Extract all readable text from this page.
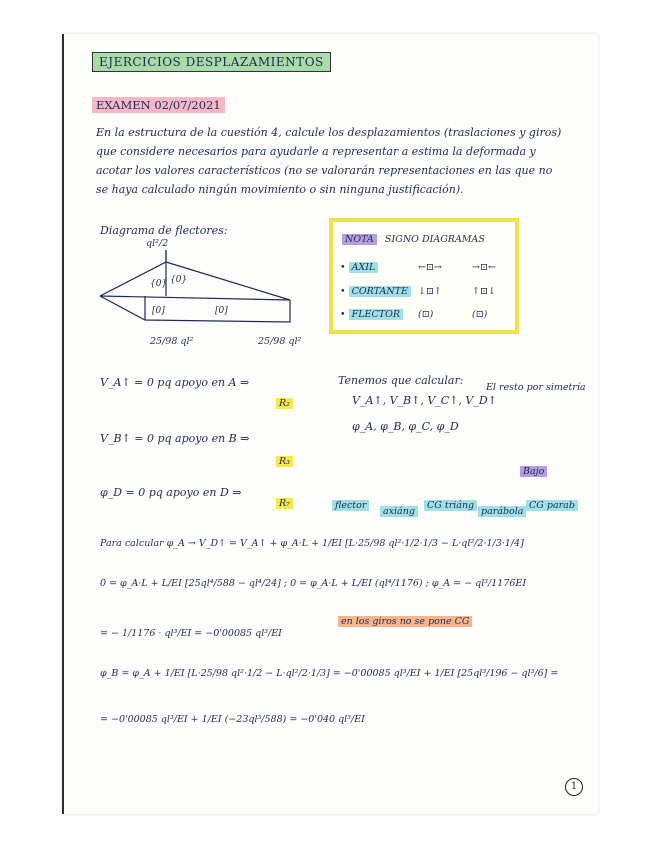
EJERCICIOS DESPLAZAMIENTOS
EXAMEN 02/07/2021
En la estructura de la cuestión 4, calcule los desplazamientos (traslaciones y giros)
que considere necesarios para ayudarle a representar a estima la deformada y
acotar los valores característicos (no se valorarán representaciones en las que no
se haya calculado ningún movimiento o sin ninguna justificación).
Diagrama de flectores:
ql²/2
25/98 ql²	25/98 ql²
{0} {0}
[0]	[0]
NOTA	SIGNO DIAGRAMAS
• AXIL	←⊡→	→⊡←
• CORTANTE	↓⊡↑	↑⊡↓
• FLECTOR	(⊡)	(⊡)
V_A↑ = 0 pq apoyo en A ⇒
R₂
V_B↑ = 0 pq apoyo en B ⇒
R₃
φ_D = 0 pq apoyo en D ⇒
R₇
Tenemos que calcular:
V_A↑, V_B↑, V_C↑, V_D↑
φ_A, φ_B, φ_C, φ_D
El resto por simetría
Bajo
flector
axiáng
CG triáng
parábola
CG parab
Para calcular φ_A → V_D↑ = V_A↑ + φ_A·L + 1/EI [L·25/98 ql²·1/2·1/3 − L·ql²/2·1/3·1/4]
0 = φ_A·L + L/EI [25ql⁴/588 − ql⁴/24] ; 0 = φ_A·L + L/EI (ql⁴/1176) ; φ_A = − ql³/1176EI
= − 1/1176 · ql³/EI = −0'00085 ql³/EI
en los giros no se pone CG
φ_B = φ_A + 1/EI [L·25/98 ql²·1/2 − L·ql²/2·1/3] = −0'00085 ql³/EI + 1/EI [25ql³/196 − ql³/6] =
= −0'00085 ql³/EI + 1/EI (−23ql³/588) = −0'040 ql³/EI
1
